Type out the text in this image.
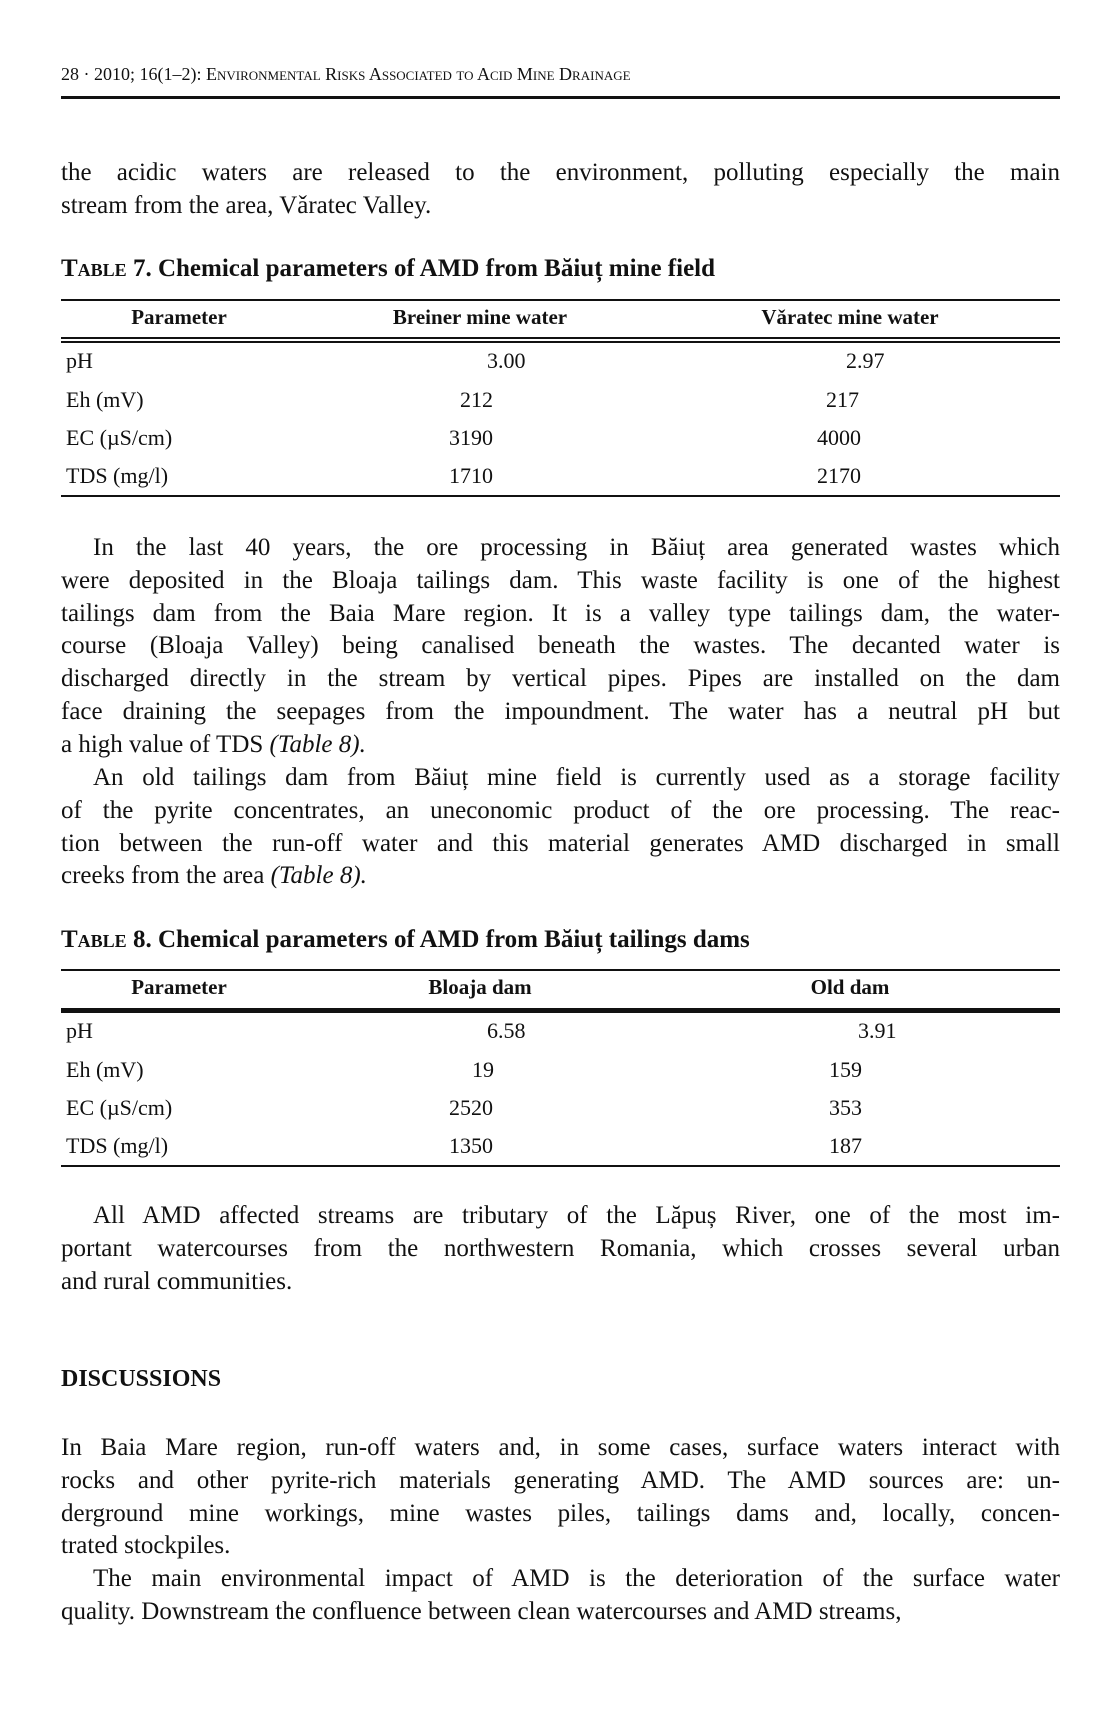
28 · 2010; 16(1–2): Environmental Risks Associated to Acid Mine Drainage
the acidic waters are released to the environment, polluting especially the main
stream from the area, Vǎratec Valley.
Table 7. Chemical parameters of AMD from Băiuț mine field
Parameter	Breiner mine water	Vǎratec mine water
pH	3.00	2.97
Eh (mV)	212	217
EC (µS/cm)	3190	4000
TDS (mg/l)	1710	2170
In the last 40 years, the ore processing in Băiuț area generated wastes which
were deposited in the Bloaja tailings dam. This waste facility is one of the highest
tailings dam from the Baia Mare region. It is a valley type tailings dam, the water-
course (Bloaja Valley) being canalised beneath the wastes. The decanted water is
discharged directly in the stream by vertical pipes. Pipes are installed on the dam
face draining the seepages from the impoundment. The water has a neutral pH but
a high value of TDS (Table 8).
An old tailings dam from Băiuț mine field is currently used as a storage facility
of the pyrite concentrates, an uneconomic product of the ore processing. The reac-
tion between the run-off water and this material generates AMD discharged in small
creeks from the area (Table 8).
Table 8. Chemical parameters of AMD from Băiuț tailings dams
Parameter	Bloaja dam	Old dam
pH	6.58	3.91
Eh (mV)	19	159
EC (µS/cm)	2520	353
TDS (mg/l)	1350	187
All AMD affected streams are tributary of the Lăpuș River, one of the most im-
portant watercourses from the northwestern Romania, which crosses several urban
and rural communities.
DISCUSSIONS
In Baia Mare region, run-off waters and, in some cases, surface waters interact with
rocks and other pyrite-rich materials generating AMD. The AMD sources are: un-
derground mine workings, mine wastes piles, tailings dams and, locally, concen-
trated stockpiles.
The main environmental impact of AMD is the deterioration of the surface water
quality. Downstream the confluence between clean watercourses and AMD streams,
